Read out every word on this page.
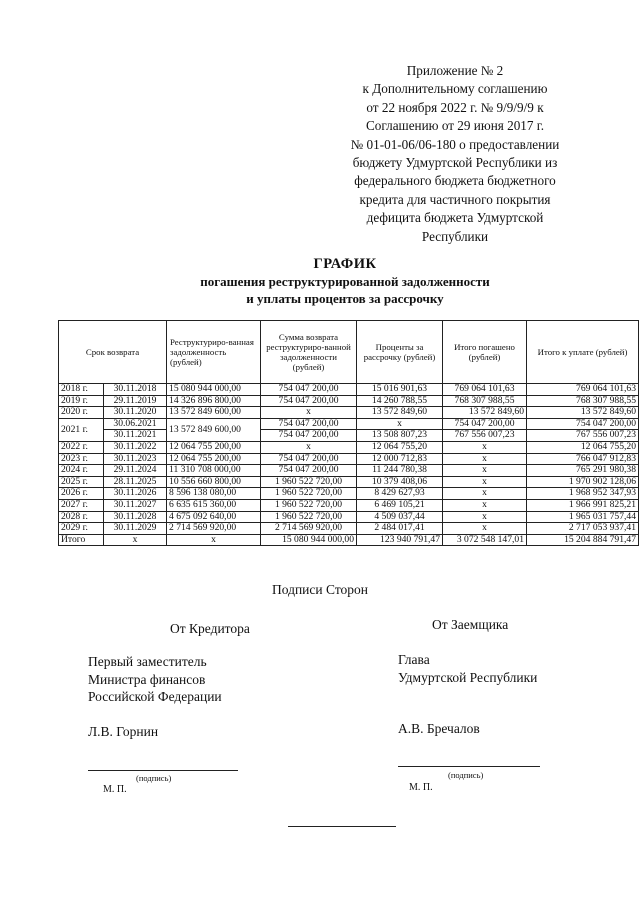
Приложение № 2
к Дополнительному соглашению
от 22 ноября 2022 г. № 9/9/9/9 к
Соглашению от 29 июня 2017 г.
№ 01-01-06/06-180 о предоставлении
бюджету Удмуртской Республики из
федерального бюджета бюджетного
кредита для частичного покрытия
дефицита бюджета Удмуртской
Республики
ГРАФИК
погашения реструктурированной задолженности
и уплаты процентов за рассрочку
Срок возврата		Реструктуриро-ванная задолженность (рублей)	Сумма возврата реструктуриро-ванной задолженности (рублей)	Проценты за рассрочку (рублей)	Итого погашено (рублей)	Итого к уплате (рублей)
2018 г.	30.11.2018	15 080 944 000,00	754 047 200,00	15 016 901,63	769 064 101,63	769 064 101,63
2019 г.	29.11.2019	14 326 896 800,00	754 047 200,00	14 260 788,55	768 307 988,55	768 307 988,55
2020 г.	30.11.2020	13 572 849 600,00	x	13 572 849,60	13 572 849,60	13 572 849,60
2021 г.	30.06.2021	13 572 849 600,00	754 047 200,00	x	754 047 200,00	754 047 200,00
	30.11.2021		754 047 200,00	13 508 807,23	767 556 007,23	767 556 007,23
2022 г.	30.11.2022	12 064 755 200,00	x	12 064 755,20	x	12 064 755,20
2023 г.	30.11.2023	12 064 755 200,00	754 047 200,00	12 000 712,83	x	766 047 912,83
2024 г.	29.11.2024	11 310 708 000,00	754 047 200,00	11 244 780,38	x	765 291 980,38
2025 г.	28.11.2025	10 556 660 800,00	1 960 522 720,00	10 379 408,06	x	1 970 902 128,06
2026 г.	30.11.2026	8 596 138 080,00	1 960 522 720,00	8 429 627,93	x	1 968 952 347,93
2027 г.	30.11.2027	6 635 615 360,00	1 960 522 720,00	6 469 105,21	x	1 966 991 825,21
2028 г.	30.11.2028	4 675 092 640,00	1 960 522 720,00	4 509 037,44	x	1 965 031 757,44
2029 г.	30.11.2029	2 714 569 920,00	2 714 569 920,00	2 484 017,41	x	2 717 053 937,41
Итого	x	x	15 080 944 000,00	123 940 791,47	3 072 548 147,01	15 204 884 791,47
Подписи Сторон
От Кредитора	От Заемщика
Первый заместитель
Министра финансов
Российской Федерации
Глава
Удмуртской Республики
Л.В. Горнин	А.В. Бречалов
(подпись)
М. П.
(подпись)
М. П.
